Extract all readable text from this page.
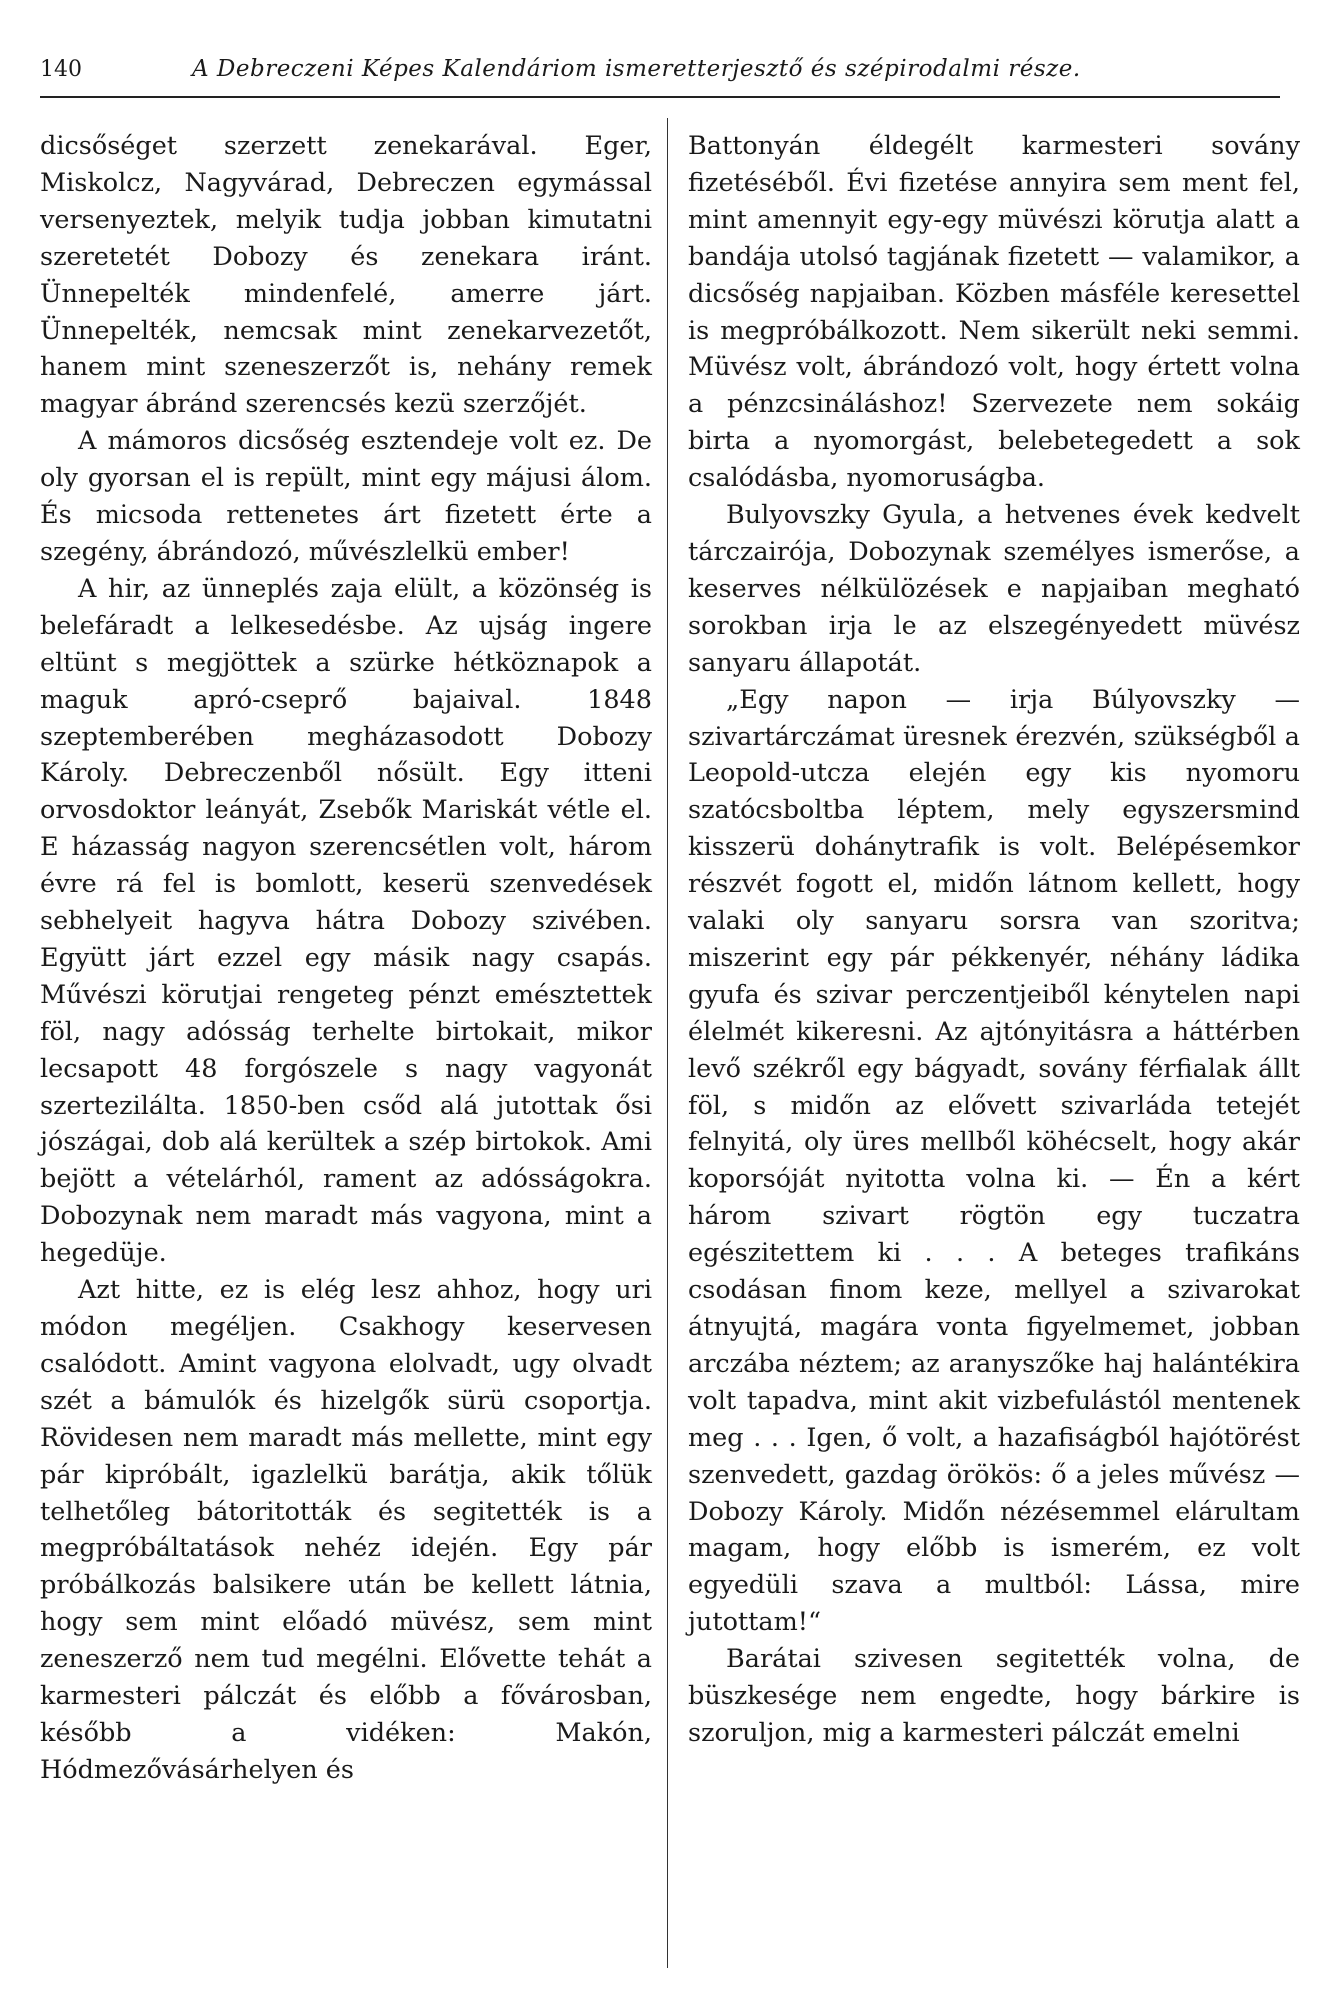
140	A Debreczeni Képes Kalendáriom ismeretterjesztő és szépirodalmi része.

dicsőséget szerzett zenekarával. Eger, Miskolcz, Nagyvárad, Debreczen egymással versenyeztek, melyik tudja jobban kimutatni szeretetét Dobozy és zenekara iránt. Ünnepelték mindenfelé, amerre járt. Ünnepelték, nemcsak mint zenekarvezetőt, hanem mint szeneszerzőt is, nehány remek magyar ábránd szerencsés kezü szerzőjét.

A mámoros dicsőség esztendeje volt ez. De oly gyorsan el is repült, mint egy májusi álom. És micsoda rettenetes árt fizetett érte a szegény, ábrándozó, művészlelkü ember!

A hir, az ünneplés zaja elült, a közönség is belefáradt a lelkesedésbe. Az ujság ingere eltünt s megjöttek a szürke hétköznapok a maguk apró-cseprő bajaival. 1848 szeptemberében megházasodott Dobozy Károly. Debreczenből nősült. Egy itteni orvosdoktor leányát, Zsebők Mariskát vétle el. E házasság nagyon szerencsétlen volt, három évre rá fel is bomlott, keserü szenvedések sebhelyeit hagyva hátra Dobozy szivében. Együtt járt ezzel egy másik nagy csapás. Művészi körutjai rengeteg pénzt emésztettek föl, nagy adósság terhelte birtokait, mikor lecsapott 48 forgószele s nagy vagyonát szertezilálta. 1850-ben csőd alá jutottak ősi jószágai, dob alá kerültek a szép birtokok. Ami bejött a vételárhól, rament az adósságokra. Dobozynak nem maradt más vagyona, mint a hegedüje.

Azt hitte, ez is elég lesz ahhoz, hogy uri módon megéljen. Csakhogy keservesen csalódott. Amint vagyona elolvadt, ugy olvadt szét a bámulók és hizelgők sürü csoportja. Rövidesen nem maradt más mellette, mint egy pár kipróbált, igazlelkü barátja, akik tőlük telhetőleg bátoritották és segitették is a megpróbáltatások nehéz idején. Egy pár próbálkozás balsikere után be kellett látnia, hogy sem mint előadó müvész, sem mint zeneszerző nem tud megélni. Elővette tehát a karmesteri pálczát és előbb a fővárosban, később a vidéken: Makón, Hódmezővásárhelyen és

Battonyán éldegélt karmesteri sovány fizetéséből. Évi fizetése annyira sem ment fel, mint amennyit egy-egy müvészi körutja alatt a bandája utolsó tagjának fizetett — valamikor, a dicsőség napjaiban. Közben másféle keresettel is megpróbálkozott. Nem sikerült neki semmi. Müvész volt, ábrándozó volt, hogy értett volna a pénzcsináláshoz! Szervezete nem sokáig birta a nyomorgást, belebetegedett a sok csalódásba, nyomoruságba.

Bulyovszky Gyula, a hetvenes évek kedvelt tárczairója, Dobozynak személyes ismerőse, a keserves nélkülözések e napjaiban megható sorokban irja le az elszegényedett müvész sanyaru állapotát.

„Egy napon — irja Búlyovszky — szivartárczámat üresnek érezvén, szükségből a Leopold-utcza elején egy kis nyomoru szatócsboltba léptem, mely egyszersmind kisszerü dohánytrafik is volt. Belépésemkor részvét fogott el, midőn látnom kellett, hogy valaki oly sanyaru sorsra van szoritva; miszerint egy pár pékkenyér, néhány ládika gyufa és szivar perczentjeiből kénytelen napi élelmét kikeresni. Az ajtónyitásra a háttérben levő székről egy bágyadt, sovány férfialak állt föl, s midőn az elővett szivarláda tetejét felnyitá, oly üres mellből köhécselt, hogy akár koporsóját nyitotta volna ki. — Én a kért három szivart rögtön egy tuczatra egészitettem ki . . . A beteges trafikáns csodásan finom keze, mellyel a szivarokat átnyujtá, magára vonta figyelmemet, jobban arczába néztem; az aranyszőke haj halántékira volt tapadva, mint akit vizbefulástól mentenek meg . . . Igen, ő volt, a hazafiságból hajótörést szenvedett, gazdag örökös: ő a jeles művész — Dobozy Károly. Midőn nézésemmel elárultam magam, hogy előbb is ismerém, ez volt egyedüli szava a multból: Lássa, mire jutottam!“

Barátai szivesen segitették volna, de büszkesége nem engedte, hogy bárkire is szoruljon, mig a karmesteri pálczát emelni
